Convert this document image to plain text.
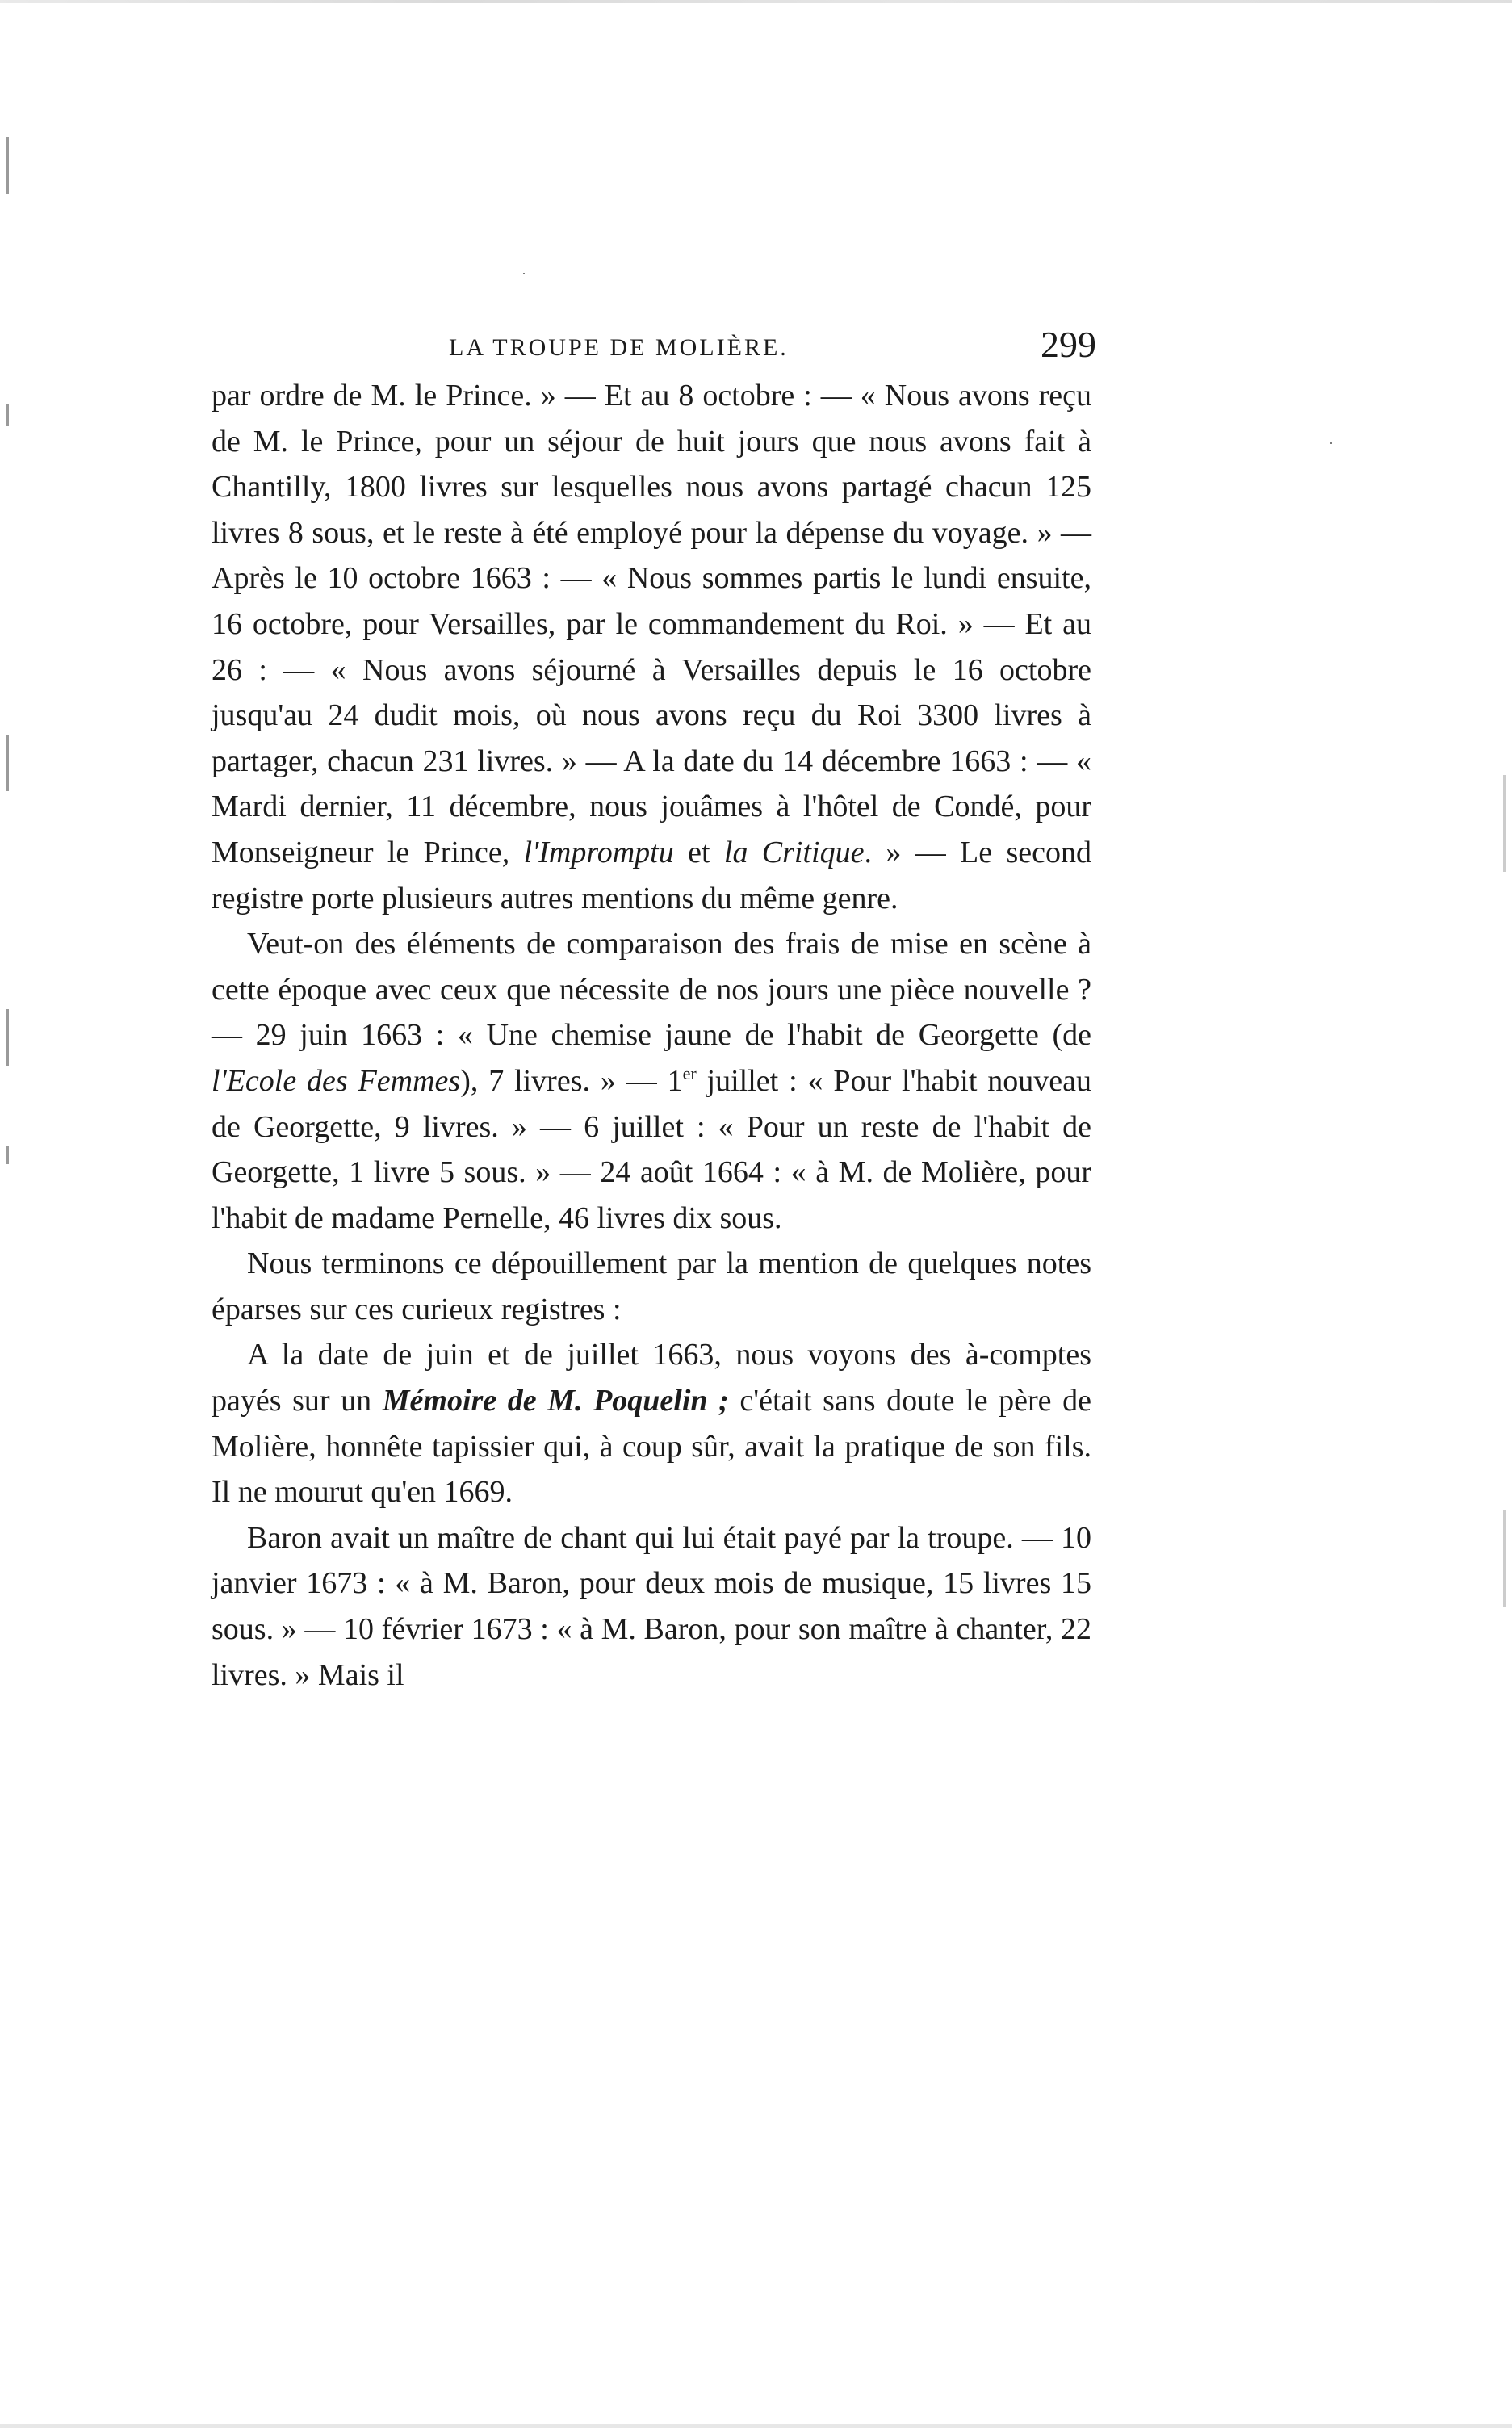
LA TROUPE DE MOLIÈRE.	299

par ordre de M. le Prince. » — Et au 8 octobre : — « Nous avons reçu de M. le Prince, pour un séjour de huit jours que nous avons fait à Chantilly, 1800 livres sur lesquelles nous avons partagé chacun 125 livres 8 sous, et le reste à été employé pour la dépense du voyage. » — Après le 10 octobre 1663 : — « Nous sommes partis le lundi ensuite, 16 octobre, pour Versailles, par le commandement du Roi. » — Et au 26 : — « Nous avons séjourné à Versailles depuis le 16 octobre jusqu'au 24 dudit mois, où nous avons reçu du Roi 3300 livres à partager, chacun 231 livres. » — A la date du 14 décembre 1663 : — « Mardi dernier, 11 décembre, nous jouâmes à l'hôtel de Condé, pour Monseigneur le Prince, l'Impromptu et la Critique. » — Le second registre porte plusieurs autres mentions du même genre.

Veut-on des éléments de comparaison des frais de mise en scène à cette époque avec ceux que nécessite de nos jours une pièce nouvelle ? — 29 juin 1663 : « Une chemise jaune de l'habit de Georgette (de l'Ecole des Femmes), 7 livres. » — 1er juillet : « Pour l'habit nouveau de Georgette, 9 livres. » — 6 juillet : « Pour un reste de l'habit de Georgette, 1 livre 5 sous. » — 24 août 1664 : « à M. de Molière, pour l'habit de madame Pernelle, 46 livres dix sous.

Nous terminons ce dépouillement par la mention de quelques notes éparses sur ces curieux registres :

A la date de juin et de juillet 1663, nous voyons des à-comptes payés sur un Mémoire de M. Poquelin ; c'était sans doute le père de Molière, honnête tapissier qui, à coup sûr, avait la pratique de son fils. Il ne mourut qu'en 1669.

Baron avait un maître de chant qui lui était payé par la troupe. — 10 janvier 1673 : « à M. Baron, pour deux mois de musique, 15 livres 15 sous. » — 10 février 1673 : « à M. Baron, pour son maître à chanter, 22 livres. » Mais il
